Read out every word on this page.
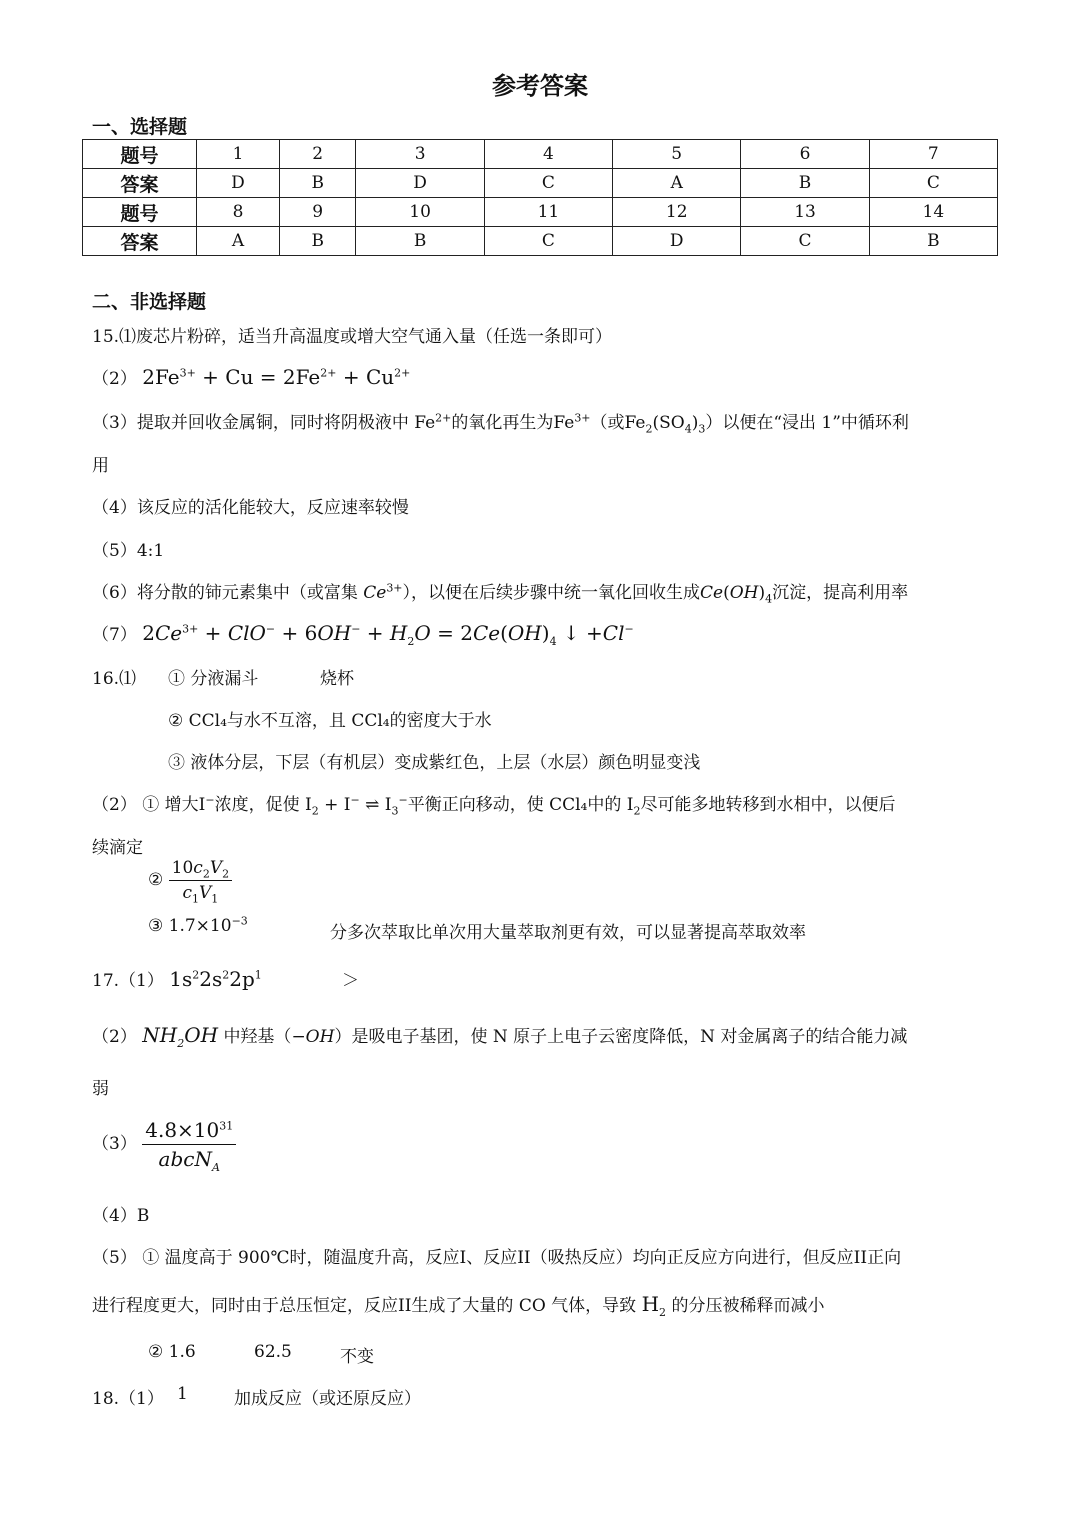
参考答案
一、选择题
题号	1	2	3	4	5	6	7
答案	D	B	D	C	A	B	C
题号	8	9	10	11	12	13	14
答案	A	B	B	C	D	C	B
二、非选择题
15.⑴废芯片粉碎，适当升高温度或增大空气通入量（任选一条即可）
（2） $2Fe^{3+} + Cu = 2Fe^{2+} + Cu^{2+}$
（3）提取并回收金属铜，同时将阴极液中 $Fe^{2+}$的氧化再生为$Fe^{3+}$（或$Fe_2(SO_4)_3$）以便在“浸出 1”中循环利
用
（4）该反应的活化能较大，反应速率较慢
（5）4:1
（6）将分散的铈元素集中（或富集 $Ce^{3+}$），以便在后续步骤中统一氧化回收生成$Ce(OH)_4$沉淀，提高利用率
（7） $2Ce^{3+} + ClO^- + 6OH^- + H_2O = 2Ce(OH)_4$ ↓ +Cl−
16.⑴ ① 分液漏斗	烧杯
② CCl₄与水不互溶，且 CCl₄的密度大于水
③ 液体分层，下层（有机层）变成紫红色，上层（水层）颜色明显变浅
（2） ① 增大I−浓度，促使 $I_2 + I^-$ ⇌ $I_3^-$平衡正向移动，使 CCl₄中的 $I_2$尽可能多地转移到水相中，以便后
续滴定
② $\frac{10c_2V_2}{c_1V_1}$
③ $1.7\times 10^{-3}$
分多次萃取比单次用大量萃取剂更有效，可以显著提高萃取效率
17.（1） $1s^22s^22p^1$	＞
（2） $NH_2OH$ 中羟基（−OH）是吸电子基团，使 N 原子上电子云密度降低，N 对金属离子的结合能力减
弱
$(3) \frac{4.8\times 10^{31}}{abcN_A}$
（4）B
（5） ① 温度高于 900℃时，随温度升高，反应I、反应II（吸热反应）均向正反应方向进行，但反应II正向
进行程度更大，同时由于总压恒定，反应II生成了大量的 CO 气体，导致 $H_2$ 的分压被稀释而减小
② 1.6	62.5	不变
18.（1） 1	加成反应（或还原反应）
